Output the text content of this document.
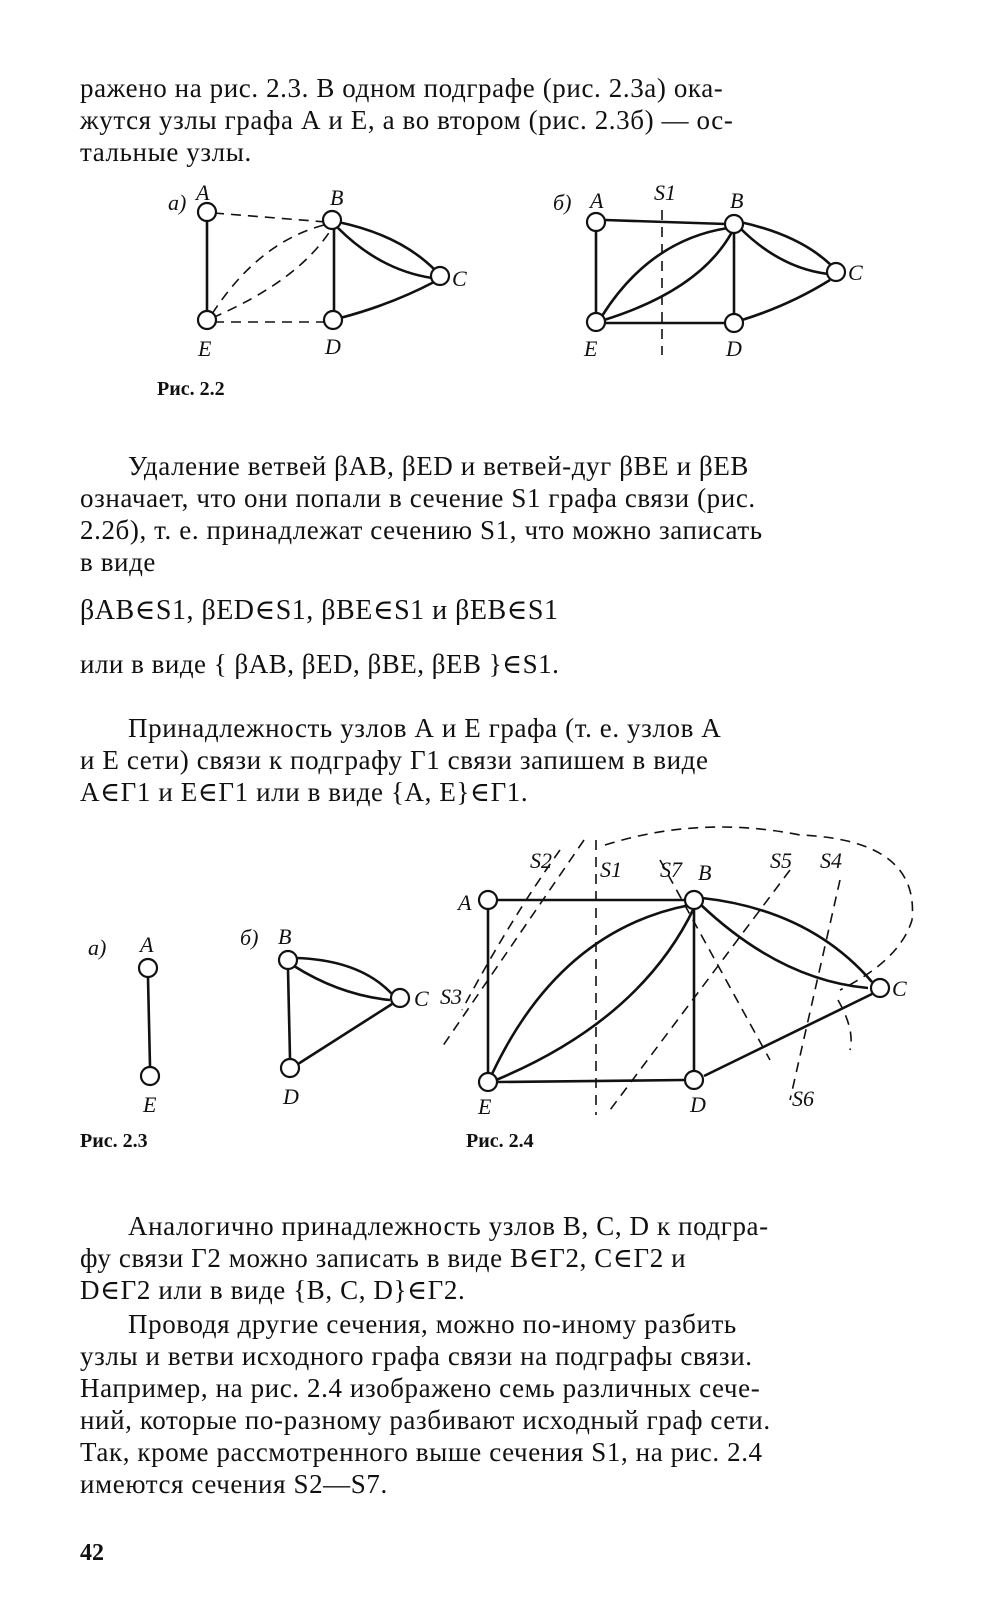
ражено на рис. 2.3. В одном подграфе (рис. 2.3а) ока-
жутся узлы графа А и Е, а во втором (рис. 2.3б) — ос-
тальные узлы.
а) A	B
C
D
E
б) A S1 B
C
D
E
Рис. 2.2
Удаление ветвей βAB, βED и ветвей-дуг βBE и βEB
означает, что они попали в сечение S1 графа связи (рис.
2.2б), т. е. принадлежат сечению S1, что можно записать
в виде
βAB∈S1, βED∈S1, βBE∈S1 и βEB∈S1
или в виде { βAB, βED, βBE, βEB }∈S1.
Принадлежность узлов А и Е графа (т. е. узлов А
и Е сети) связи к подграфу Г1 связи запишем в виде
А∈Г1 и Е∈Г1 или в виде {А, Е}∈Г1.
а) A
E
б) B
C
D
A
B
C
D
E
S1
S2
S3
S4
S5
S6
S7
Рис. 2.3	Рис. 2.4
Аналогично принадлежность узлов B, C, D к подгра-
фу связи Г2 можно записать в виде В∈Г2, С∈Г2 и
D∈Г2 или в виде {B, C, D}∈Г2.
Проводя другие сечения, можно по-иному разбить
узлы и ветви исходного графа связи на подграфы связи.
Например, на рис. 2.4 изображено семь различных сече-
ний, которые по-разному разбивают исходный граф сети.
Так, кроме рассмотренного выше сечения S1, на рис. 2.4
имеются сечения S2—S7.
42
